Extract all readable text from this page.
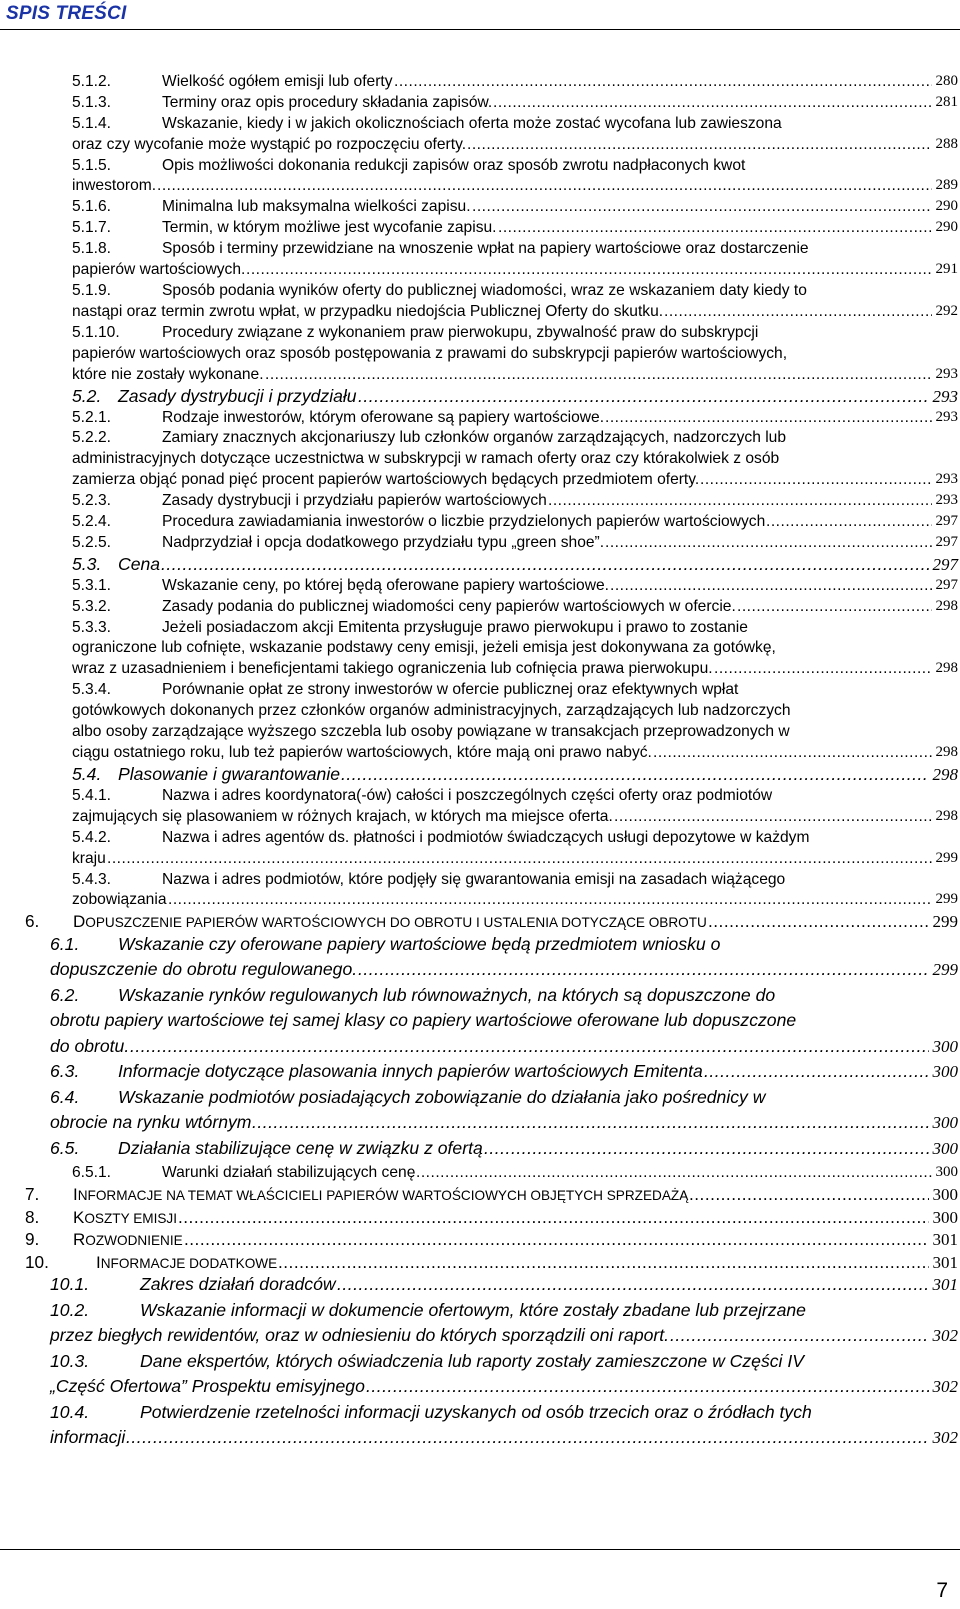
SPIS TREŚCI
5.1.2.	Wielkość ogółem emisji lub oferty .....	280
5.1.3.	Terminy oraz opis procedury składania zapisów. .....	281
5.1.4.	Wskazanie, kiedy i w jakich okolicznościach oferta może zostać wycofana lub zawieszona
oraz czy wycofanie może wystąpić po rozpoczęciu oferty. .....	288
5.1.5.	Opis możliwości dokonania redukcji zapisów oraz sposób zwrotu nadpłaconych kwot
inwestorom. .....	289
5.1.6.	Minimalna lub maksymalna wielkości zapisu. .....	290
5.1.7.	Termin, w którym możliwe jest wycofanie zapisu. .....	290
5.1.8.	Sposób i terminy przewidziane na wnoszenie wpłat na papiery wartościowe oraz dostarczenie
papierów wartościowych. .....	291
5.1.9.	Sposób podania wyników oferty do publicznej wiadomości, wraz ze wskazaniem daty kiedy to
nastąpi oraz termin zwrotu wpłat, w przypadku niedojścia Publicznej Oferty do skutku. .....	292
5.1.10.	Procedury związane z wykonaniem praw pierwokupu, zbywalność praw do subskrypcji
papierów wartościowych oraz sposób postępowania z prawami do subskrypcji papierów wartościowych,
które nie zostały wykonane. .....	293
5.2. Zasady dystrybucji i przydziału .....	293
5.2.1.	Rodzaje inwestorów, którym oferowane są papiery wartościowe. .....	293
5.2.2.	Zamiary znacznych akcjonariuszy lub członków organów zarządzających, nadzorczych lub
administracyjnych dotyczące uczestnictwa w subskrypcji w ramach oferty oraz czy którakolwiek z osób
zamierza objąć ponad pięć procent papierów wartościowych będących przedmiotem oferty. .....	293
5.2.3.	Zasady dystrybucji i przydziału papierów wartościowych .....	293
5.2.4.	Procedura zawiadamiania inwestorów o liczbie przydzielonych papierów wartościowych .....	297
5.2.5.	Nadprzydział i opcja dodatkowego przydziału typu „green shoe”. .....	297
5.3. Cena .....	297
5.3.1.	Wskazanie ceny, po której będą oferowane papiery wartościowe. .....	297
5.3.2.	Zasady podania do publicznej wiadomości ceny papierów wartościowych w ofercie. .....	298
5.3.3.	Jeżeli posiadaczom akcji Emitenta przysługuje prawo pierwokupu i prawo to zostanie
ograniczone lub cofnięte, wskazanie podstawy ceny emisji, jeżeli emisja jest dokonywana za gotówkę,
wraz z uzasadnieniem i beneficjentami takiego ograniczenia lub cofnięcia prawa pierwokupu. .....	298
5.3.4.	Porównanie opłat ze strony inwestorów w ofercie publicznej oraz efektywnych wpłat
gotówkowych dokonanych przez członków organów administracyjnych, zarządzających lub nadzorczych
albo osoby zarządzające wyższego szczebla lub osoby powiązane w transakcjach przeprowadzonych w
ciągu ostatniego roku, lub też papierów wartościowych, które mają oni prawo nabyć. .....	298
5.4. Plasowanie i gwarantowanie .....	298
5.4.1.	Nazwa i adres koordynatora(-ów) całości i poszczególnych części oferty oraz podmiotów
zajmujących się plasowaniem w różnych krajach, w których ma miejsce oferta. .....	298
5.4.2.	Nazwa i adres agentów ds. płatności i podmiotów świadczących usługi depozytowe w każdym
kraju .....	299
5.4.3.	Nazwa i adres podmiotów, które podjęły się gwarantowania emisji na zasadach wiążącego
zobowiązania .....	299
6. DOPUSZCZENIE PAPIERÓW WARTOŚCIOWYCH DO OBROTU I USTALENIA DOTYCZĄCE OBROTU .....	299
6.1. Wskazanie czy oferowane papiery wartościowe będą przedmiotem wniosku o
dopuszczenie do obrotu regulowanego. .....	299
6.2. Wskazanie rynków regulowanych lub równoważnych, na których są dopuszczone do
obrotu papiery wartościowe tej samej klasy co papiery wartościowe oferowane lub dopuszczone
do obrotu. .....	300
6.3. Informacje dotyczące plasowania innych papierów wartościowych Emitenta .....	300
6.4. Wskazanie podmiotów posiadających zobowiązanie do działania jako pośrednicy w
obrocie na rynku wtórnym .....	300
6.5. Działania stabilizujące cenę w związku z ofertą .....	300
6.5.1.	Warunki działań stabilizujących cenę .....	300
7. INFORMACJE NA TEMAT WŁAŚCICIELI PAPIERÓW WARTOŚCIOWYCH OBJĘTYCH SPRZEDAŻĄ .....	300
8. KOSZTY EMISJI .....	300
9. ROZWODNIENIE .....	301
10.	INFORMACJE DODATKOWE .....	301
10.1.	Zakres działań doradców .....	301
10.2.	Wskazanie informacji w dokumencie ofertowym, które zostały zbadane lub przejrzane
przez biegłych rewidentów, oraz w odniesieniu do których sporządzili oni raport. .....	302
10.3.	Dane ekspertów, których oświadczenia lub raporty zostały zamieszczone w Części IV
„Część Ofertowa” Prospektu emisyjnego .....	302
10.4.	Potwierdzenie rzetelności informacji uzyskanych od osób trzecich oraz o źródłach tych
informacji .....	302
7
